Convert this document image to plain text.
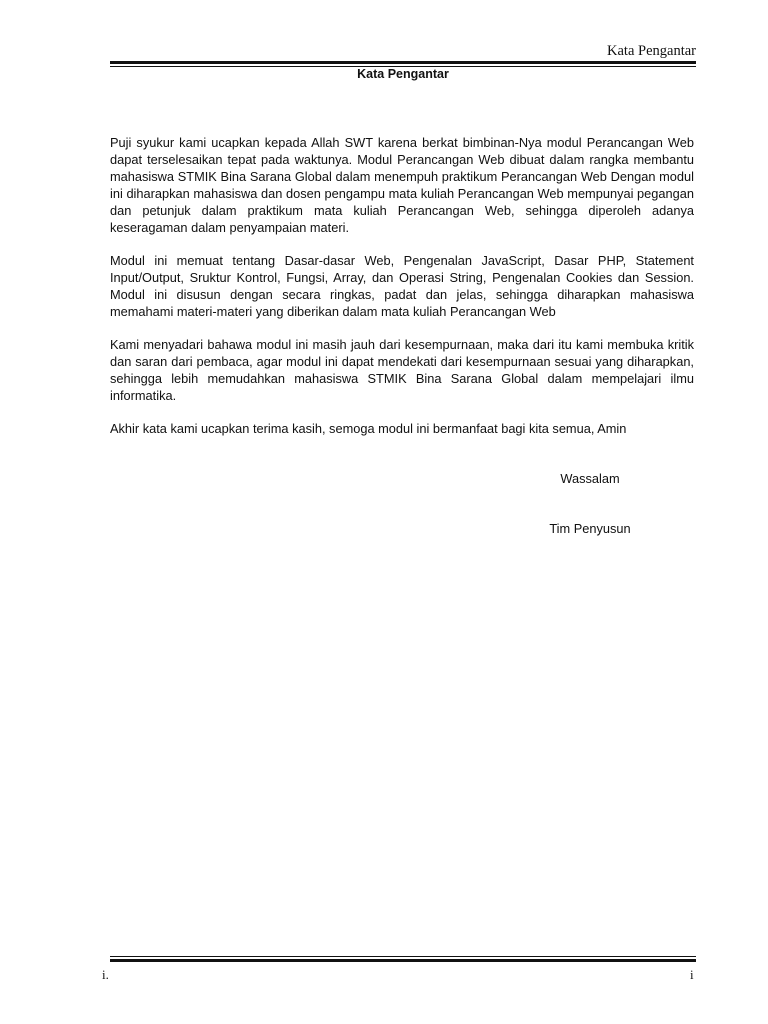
Kata Pengantar
Kata Pengantar

Puji syukur kami ucapkan kepada Allah SWT karena berkat bimbinan-Nya modul Perancangan Web dapat terselesaikan tepat pada waktunya. Modul Perancangan Web dibuat dalam rangka membantu mahasiswa STMIK Bina Sarana Global dalam menempuh praktikum Perancangan Web Dengan modul ini diharapkan mahasiswa dan dosen pengampu mata kuliah Perancangan Web mempunyai pegangan dan petunjuk dalam praktikum mata kuliah Perancangan Web, sehingga diperoleh adanya keseragaman dalam penyampaian materi.

Modul ini memuat tentang Dasar-dasar Web, Pengenalan JavaScript, Dasar PHP, Statement Input/Output, Sruktur Kontrol, Fungsi, Array, dan Operasi String, Pengenalan Cookies dan Session. Modul ini disusun dengan secara ringkas, padat dan jelas, sehingga diharapkan mahasiswa memahami materi-materi yang diberikan dalam mata kuliah Perancangan Web

Kami menyadari bahawa modul ini masih jauh dari kesempurnaan, maka dari itu kami membuka kritik dan saran dari pembaca, agar modul ini dapat mendekati dari kesempurnaan sesuai yang diharapkan, sehingga lebih memudahkan mahasiswa STMIK Bina Sarana Global dalam mempelajari ilmu informatika.

Akhir kata kami ucapkan terima kasih, semoga modul ini bermanfaat bagi kita semua, Amin

Wassalam
Tim Penyusun
i.	i
